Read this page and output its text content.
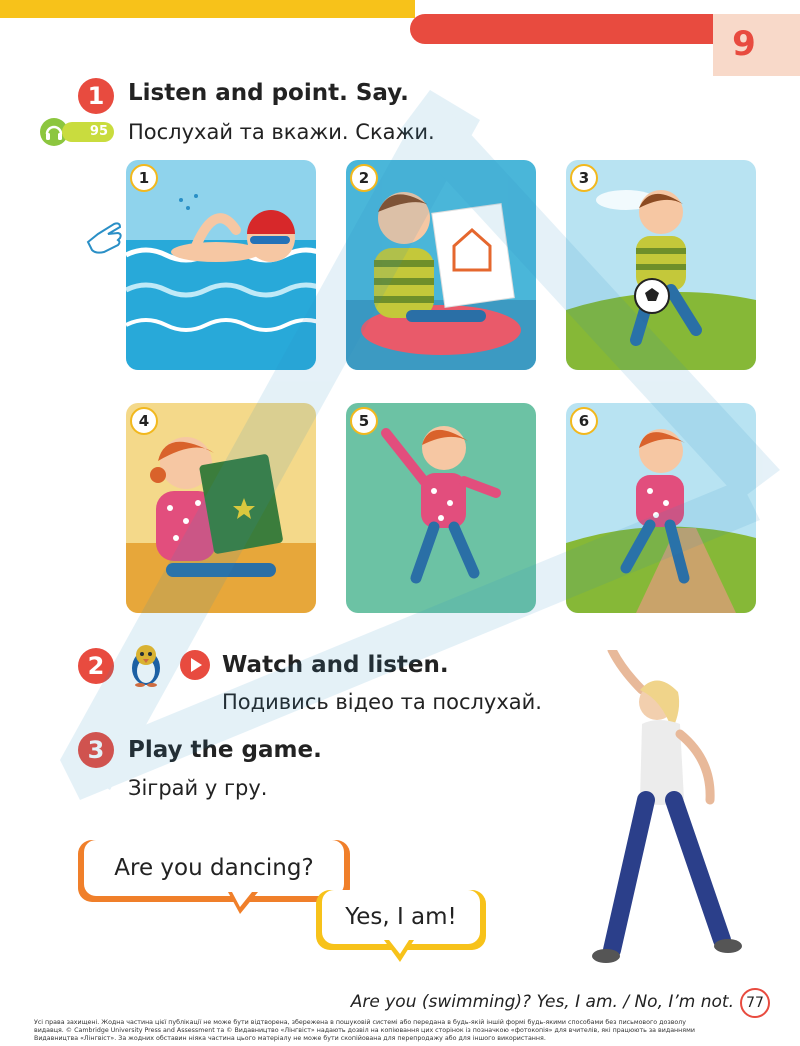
9
1	Listen and point. Say.
95 Послухай та вкажи. Скажи.
1	2	3
4	5	6
2	Watch and listen.
Подивись відео та послухай.
3	Play the game.
Зіграй у гру.
Are you dancing?
Yes, I am!
Are you (swimming)? Yes, I am. / No, I’m not. 77
Усі права захищені. Жодна частина цієї публікації не може бути відтворена, збережена в пошуковій системі або передана в будь-якій іншій формі будь-якими способами без письмового дозволу
видавця. © Cambridge University Press and Assessment та © Видавництво «Лінгвіст» надають дозвіл на копіювання цих сторінок із позначкою «фотокопія» для вчителів, які працюють за виданнями
Видавництва «Лінгвіст». За жодних обставин ніяка частина цього матеріалу не може бути скопійована для перепродажу або для іншого використання.
